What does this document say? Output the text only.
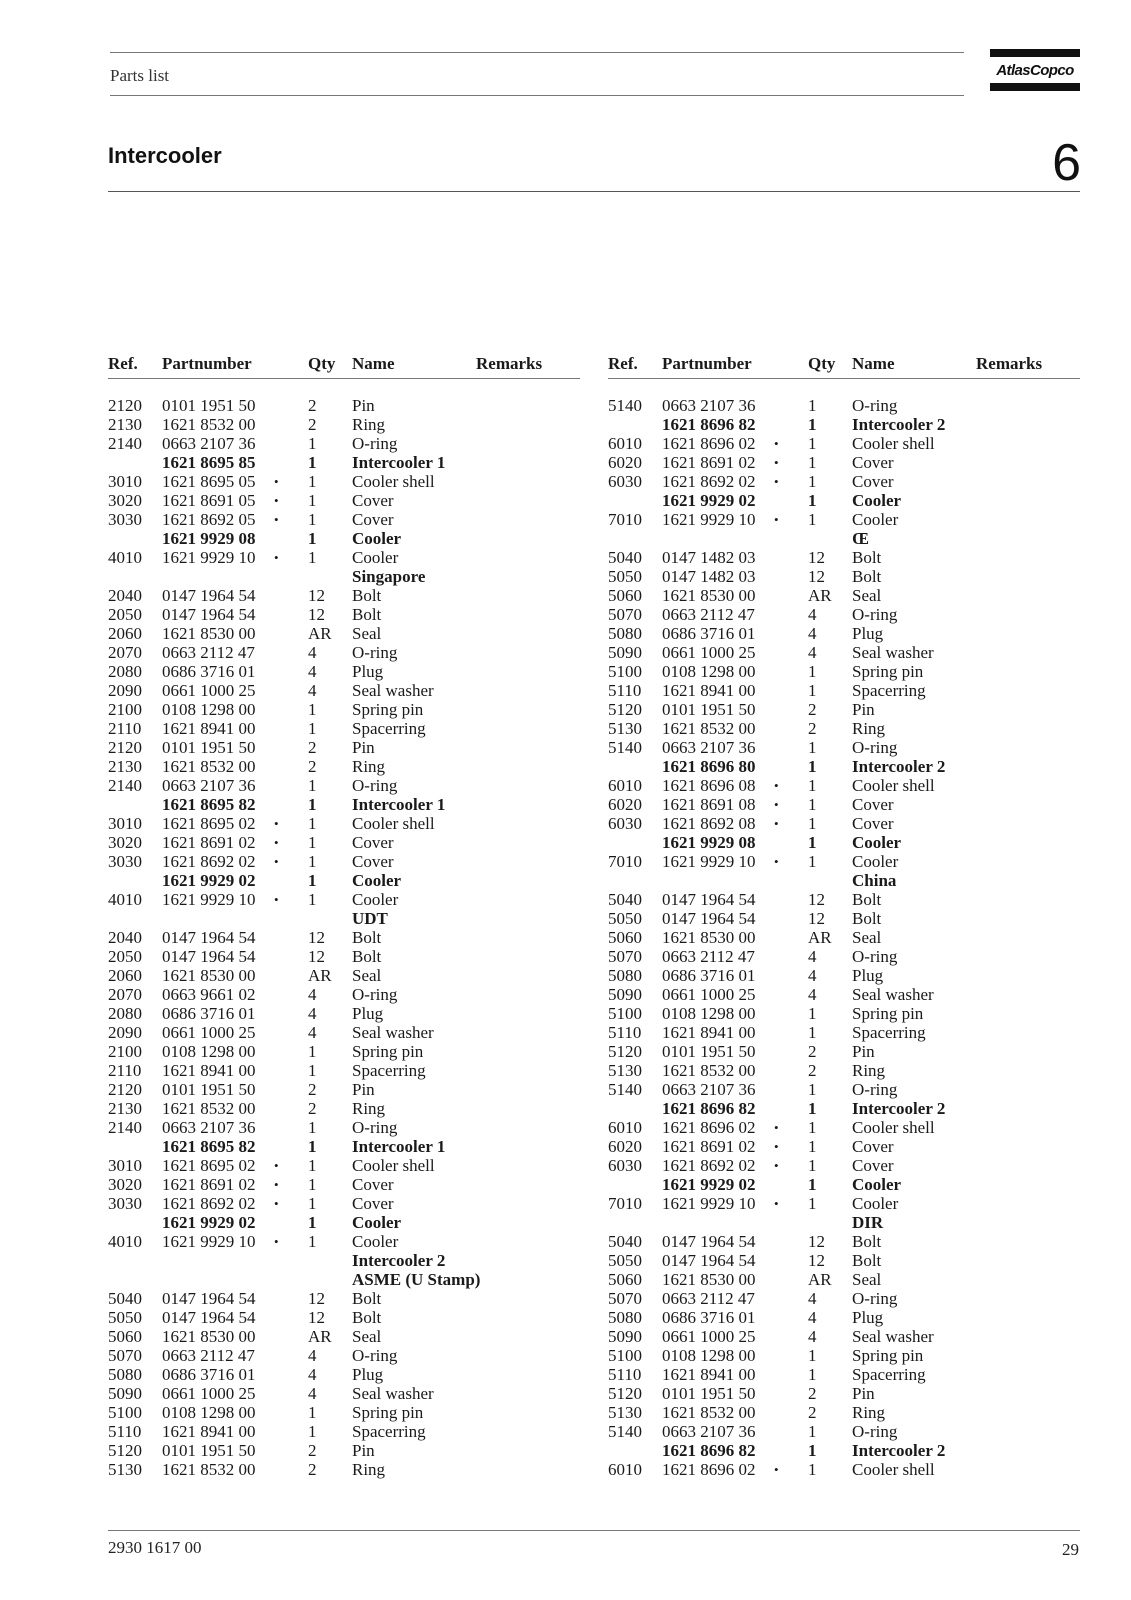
Parts list	AtlasCopco
Intercooler	6
Ref. Partnumber	Qty Name	Remarks
2120 0101 1951 50	2 Pin
2130 1621 8532 00	2 Ring
2140 0663 2107 36	1 O-ring
1621 8695 85	1 Intercooler 1
3010 1621 8695 05 • 1 Cooler shell
3020 1621 8691 05 • 1 Cover
3030 1621 8692 05 • 1 Cover
1621 9929 08	1 Cooler
4010 1621 9929 10 • 1 Cooler
Singapore
2040 0147 1964 54	12 Bolt
2050 0147 1964 54	12 Bolt
2060 1621 8530 00	AR Seal
2070 0663 2112 47	4 O-ring
2080 0686 3716 01	4 Plug
2090 0661 1000 25	4 Seal washer
2100 0108 1298 00	1 Spring pin
2110 1621 8941 00	1 Spacerring
2120 0101 1951 50	2 Pin
2130 1621 8532 00	2 Ring
2140 0663 2107 36	1 O-ring
1621 8695 82	1 Intercooler 1
3010 1621 8695 02 • 1 Cooler shell
3020 1621 8691 02 • 1 Cover
3030 1621 8692 02 • 1 Cover
1621 9929 02	1 Cooler
4010 1621 9929 10 • 1 Cooler
UDT
2040 0147 1964 54	12 Bolt
2050 0147 1964 54	12 Bolt
2060 1621 8530 00	AR Seal
2070 0663 9661 02	4 O-ring
2080 0686 3716 01	4 Plug
2090 0661 1000 25	4 Seal washer
2100 0108 1298 00	1 Spring pin
2110 1621 8941 00	1 Spacerring
2120 0101 1951 50	2 Pin
2130 1621 8532 00	2 Ring
2140 0663 2107 36	1 O-ring
1621 8695 82	1 Intercooler 1
3010 1621 8695 02 • 1 Cooler shell
3020 1621 8691 02 • 1 Cover
3030 1621 8692 02 • 1 Cover
1621 9929 02	1 Cooler
4010 1621 9929 10 • 1 Cooler
Intercooler 2
ASME (U Stamp)
5040 0147 1964 54	12 Bolt
5050 0147 1964 54	12 Bolt
5060 1621 8530 00	AR Seal
5070 0663 2112 47	4 O-ring
5080 0686 3716 01	4 Plug
5090 0661 1000 25	4 Seal washer
5100 0108 1298 00	1 Spring pin
5110 1621 8941 00	1 Spacerring
5120 0101 1951 50	2 Pin
5130 1621 8532 00	2 Ring
Ref. Partnumber	Qty Name	Remarks
5140 0663 2107 36	1 O-ring
1621 8696 82	1 Intercooler 2
6010 1621 8696 02 • 1 Cooler shell
6020 1621 8691 02 • 1 Cover
6030 1621 8692 02 • 1 Cover
1621 9929 02	1 Cooler
7010 1621 9929 10 • 1 Cooler
Œ
5040 0147 1482 03	12 Bolt
5050 0147 1482 03	12 Bolt
5060 1621 8530 00	AR Seal
5070 0663 2112 47	4 O-ring
5080 0686 3716 01	4 Plug
5090 0661 1000 25	4 Seal washer
5100 0108 1298 00	1 Spring pin
5110 1621 8941 00	1 Spacerring
5120 0101 1951 50	2 Pin
5130 1621 8532 00	2 Ring
5140 0663 2107 36	1 O-ring
1621 8696 80	1 Intercooler 2
6010 1621 8696 08 • 1 Cooler shell
6020 1621 8691 08 • 1 Cover
6030 1621 8692 08 • 1 Cover
1621 9929 08	1 Cooler
7010 1621 9929 10 • 1 Cooler
China
5040 0147 1964 54	12 Bolt
5050 0147 1964 54	12 Bolt
5060 1621 8530 00	AR Seal
5070 0663 2112 47	4 O-ring
5080 0686 3716 01	4 Plug
5090 0661 1000 25	4 Seal washer
5100 0108 1298 00	1 Spring pin
5110 1621 8941 00	1 Spacerring
5120 0101 1951 50	2 Pin
5130 1621 8532 00	2 Ring
5140 0663 2107 36	1 O-ring
1621 8696 82	1 Intercooler 2
6010 1621 8696 02 • 1 Cooler shell
6020 1621 8691 02 • 1 Cover
6030 1621 8692 02 • 1 Cover
1621 9929 02	1 Cooler
7010 1621 9929 10 • 1 Cooler
DIR
5040 0147 1964 54	12 Bolt
5050 0147 1964 54	12 Bolt
5060 1621 8530 00	AR Seal
5070 0663 2112 47	4 O-ring
5080 0686 3716 01	4 Plug
5090 0661 1000 25	4 Seal washer
5100 0108 1298 00	1 Spring pin
5110 1621 8941 00	1 Spacerring
5120 0101 1951 50	2 Pin
5130 1621 8532 00	2 Ring
5140 0663 2107 36	1 O-ring
1621 8696 82	1 Intercooler 2
6010 1621 8696 02 • 1 Cooler shell
2930 1617 00	29
